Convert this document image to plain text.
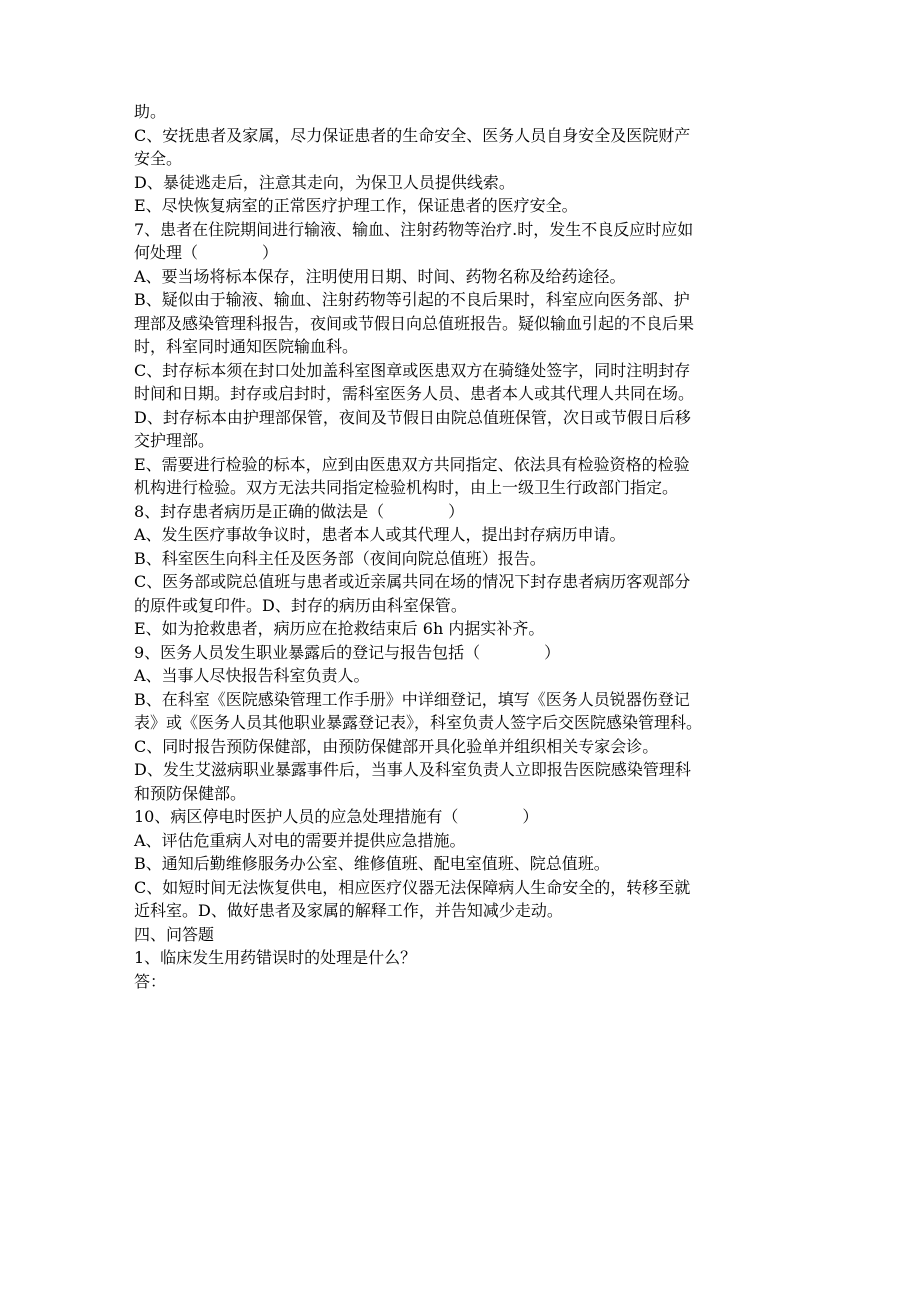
助。
C、安抚患者及家属，尽力保证患者的生命安全、医务人员自身安全及医院财产
安全。
D、暴徒逃走后，注意其走向，为保卫人员提供线索。
E、尽快恢复病室的正常医疗护理工作，保证患者的医疗安全。
7、患者在住院期间进行输液、输血、注射药物等治疗.时，发生不良反应时应如
何处理（　　　　）
A、要当场将标本保存，注明使用日期、时间、药物名称及给药途径。
B、疑似由于输液、输血、注射药物等引起的不良后果时，科室应向医务部、护
理部及感染管理科报告，夜间或节假日向总值班报告。疑似输血引起的不良后果
时，科室同时通知医院输血科。
C、封存标本须在封口处加盖科室图章或医患双方在骑缝处签字，同时注明封存
时间和日期。封存或启封时，需科室医务人员、患者本人或其代理人共同在场。
D、封存标本由护理部保管，夜间及节假日由院总值班保管，次日或节假日后移
交护理部。
E、需要进行检验的标本，应到由医患双方共同指定、依法具有检验资格的检验
机构进行检验。双方无法共同指定检验机构时，由上一级卫生行政部门指定。
8、封存患者病历是正确的做法是（　　　　）
A、发生医疗事故争议时，患者本人或其代理人，提出封存病历申请。
B、科室医生向科主任及医务部（夜间向院总值班）报告。
C、医务部或院总值班与患者或近亲属共同在场的情况下封存患者病历客观部分
的原件或复印件。D、封存的病历由科室保管。
E、如为抢救患者，病历应在抢救结束后 6h 内据实补齐。
9、医务人员发生职业暴露后的登记与报告包括（　　　　）
A、当事人尽快报告科室负责人。
B、在科室《医院感染管理工作手册》中详细登记，填写《医务人员锐器伤登记
表》或《医务人员其他职业暴露登记表》，科室负责人签字后交医院感染管理科。
C、同时报告预防保健部，由预防保健部开具化验单并组织相关专家会诊。
D、发生艾滋病职业暴露事件后，当事人及科室负责人立即报告医院感染管理科
和预防保健部。
10、病区停电时医护人员的应急处理措施有（　　　　）
A、评估危重病人对电的需要并提供应急措施。
B、通知后勤维修服务办公室、维修值班、配电室值班、院总值班。
C、如短时间无法恢复供电，相应医疗仪器无法保障病人生命安全的，转移至就
近科室。D、做好患者及家属的解释工作，并告知减少走动。
四、问答题
1、临床发生用药错误时的处理是什么？
答：
